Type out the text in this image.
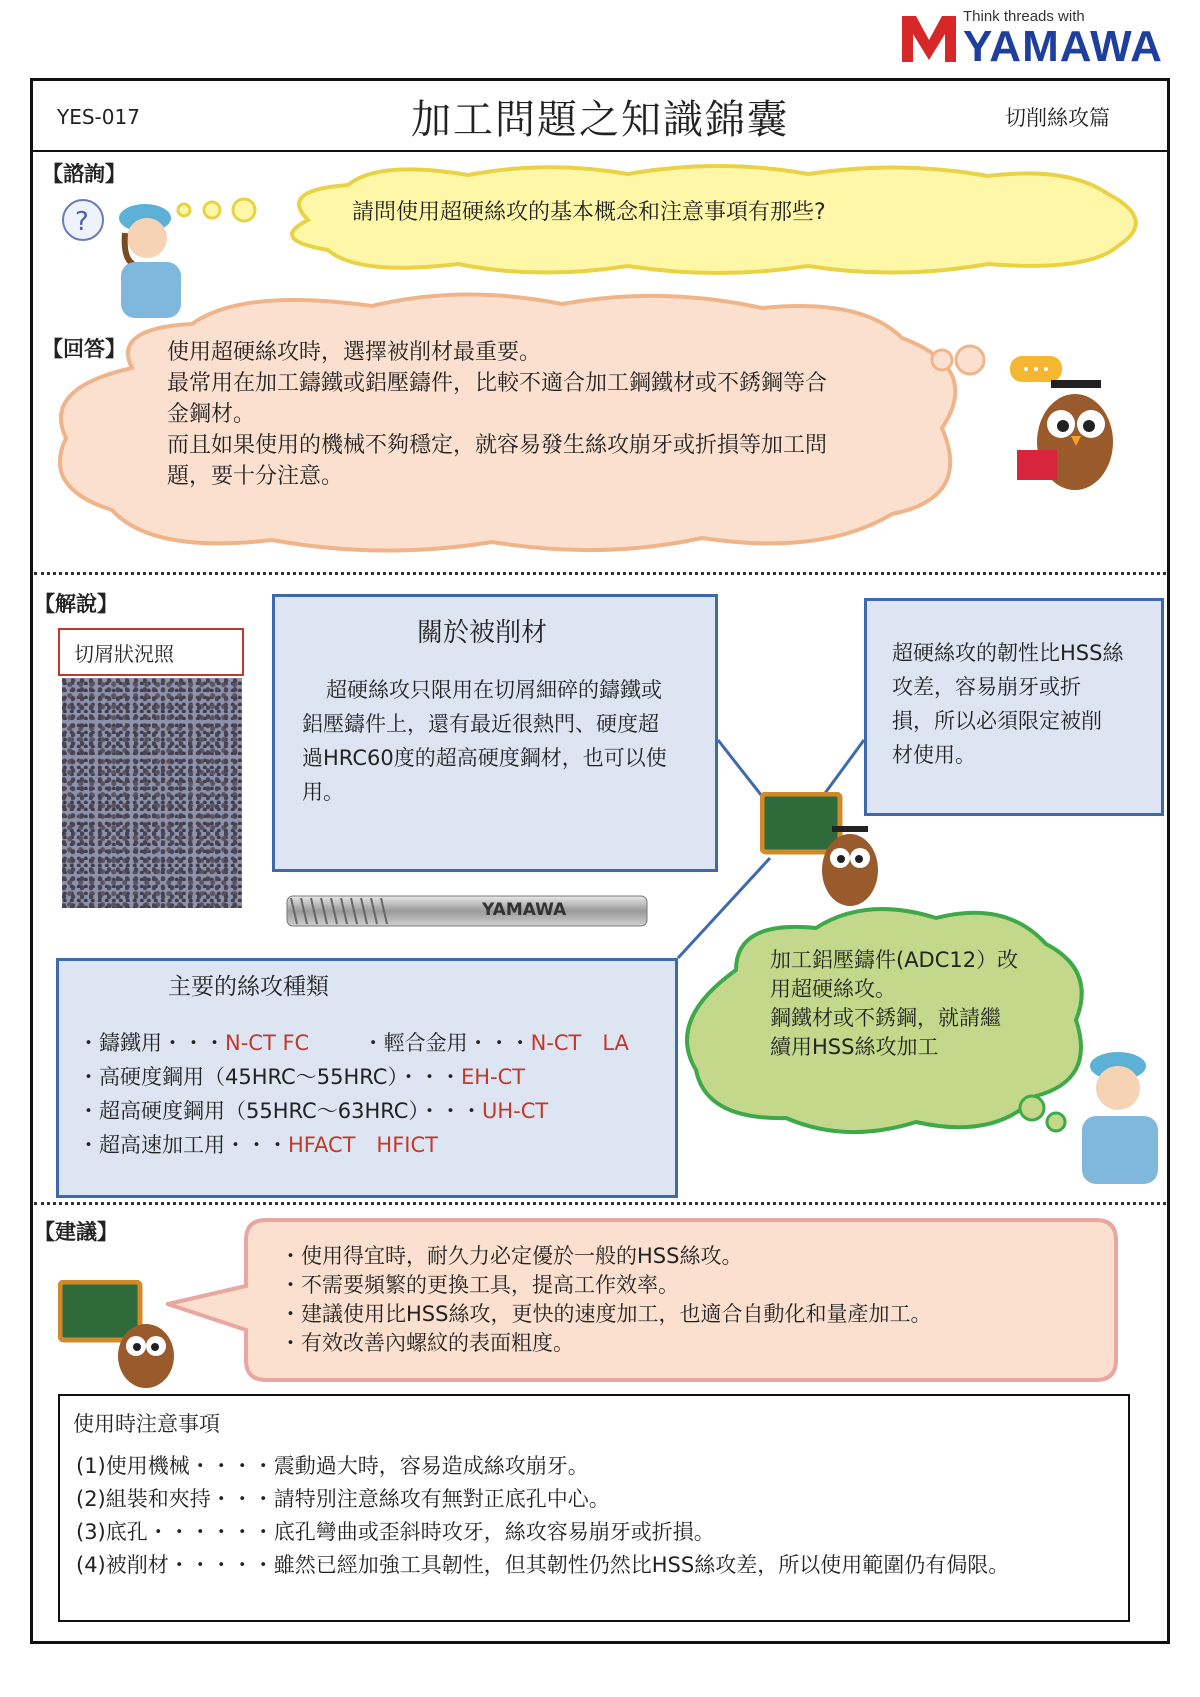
Think threads with
YAMAWA
YES-017	加工問題之知識錦囊	切削絲攻篇
【諮詢】
?	請問使用超硬絲攻的基本概念和注意事項有那些?
【回答】 使用超硬絲攻時，選擇被削材最重要。
最常用在加工鑄鐵或鋁壓鑄件，比較不適合加工鋼鐵材或不銹鋼等合
金鋼材。
而且如果使用的機械不夠穩定，就容易發生絲攻崩牙或折損等加工問
題，要十分注意。
【解說】
切屑狀況照
關於被削材
超硬絲攻只限用在切屑細碎的鑄鐵或
鋁壓鑄件上，還有最近很熱門、硬度超
過HRC60度的超高硬度鋼材，也可以使
用。
超硬絲攻的韌性比HSS絲
攻差，容易崩牙或折
損，所以必須限定被削
材使用。
YAMAWA
主要的絲攻種類
・鑄鐵用・・・N-CT FC	・輕合金用・・・N-CT　LA
・高硬度鋼用（45HRC～55HRC）・・・EH-CT
・超高硬度鋼用（55HRC～63HRC）・・・UH-CT
・超高速加工用・・・HFACT　HFICT
加工鋁壓鑄件(ADC12）改
用超硬絲攻。
鋼鐵材或不銹鋼，就請繼
續用HSS絲攻加工
【建議】
・使用得宜時，耐久力必定優於一般的HSS絲攻。
・不需要頻繁的更換工具，提高工作效率。
・建議使用比HSS絲攻，更快的速度加工，也適合自動化和量產加工。
・有效改善內螺紋的表面粗度。
使用時注意事項
(1)使用機械・・・・震動過大時，容易造成絲攻崩牙。
(2)組裝和夾持・・・請特別注意絲攻有無對正底孔中心。
(3)底孔・・・・・・底孔彎曲或歪斜時攻牙，絲攻容易崩牙或折損。
(4)被削材・・・・・雖然已經加強工具韌性，但其韌性仍然比HSS絲攻差，所以使用範圍仍有侷限。
